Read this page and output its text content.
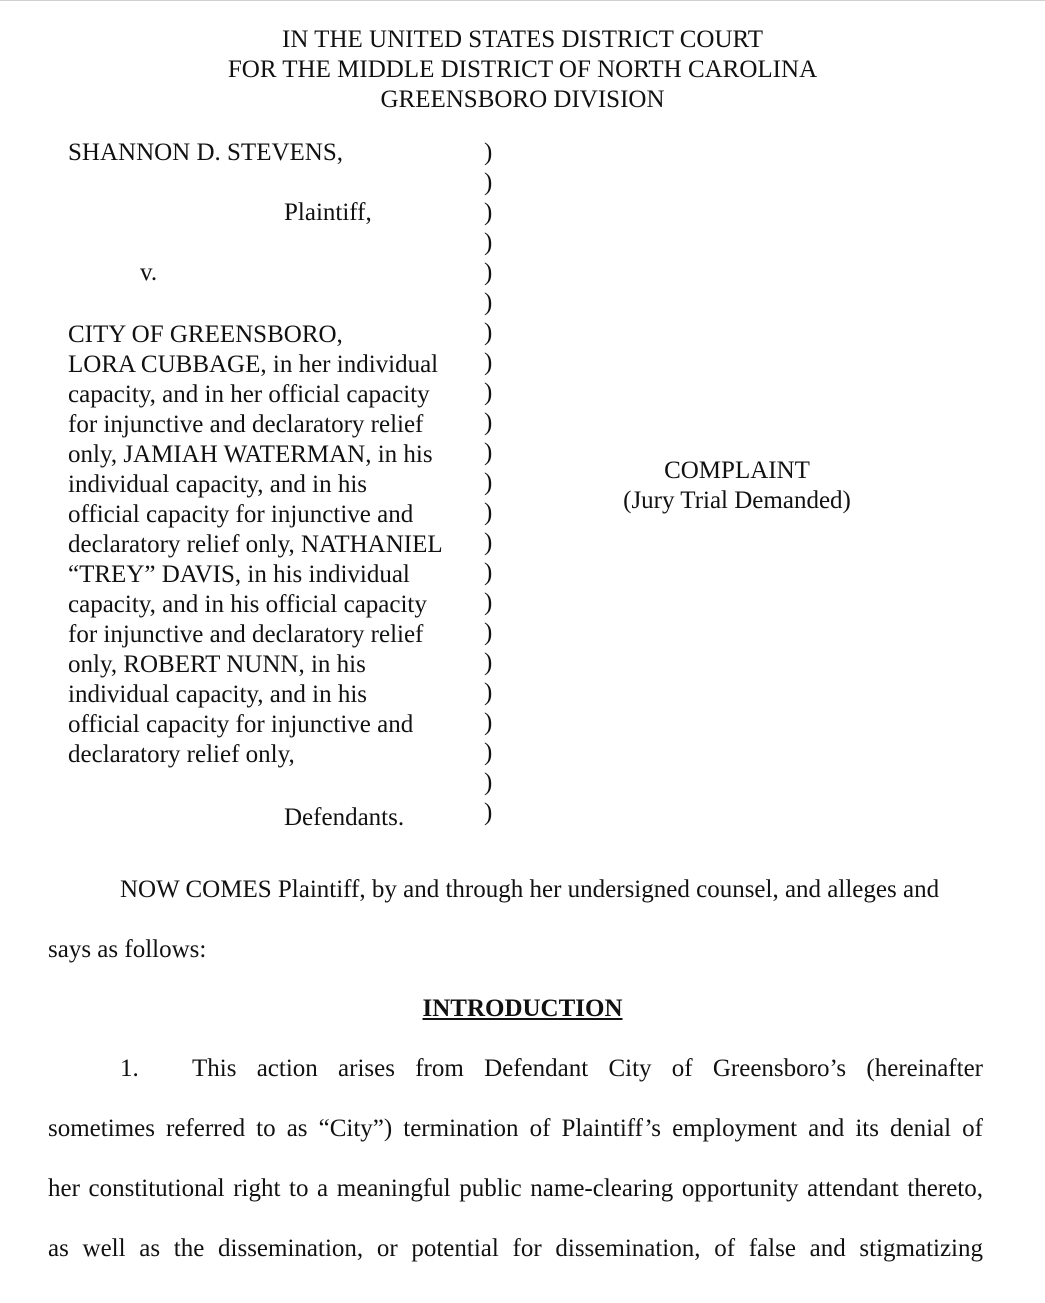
IN THE UNITED STATES DISTRICT COURT
FOR THE MIDDLE DISTRICT OF NORTH CAROLINA
GREENSBORO DIVISION
SHANNON D. STEVENS,
Plaintiff,
v.
CITY OF GREENSBORO,
LORA CUBBAGE, in her individual
capacity, and in her official capacity
for injunctive and declaratory relief
only, JAMIAH WATERMAN, in his
individual capacity, and in his
official capacity for injunctive and
declaratory relief only, NATHANIEL
“TREY” DAVIS, in his individual
capacity, and in his official capacity
for injunctive and declaratory relief
only, ROBERT NUNN, in his
individual capacity, and in his
official capacity for injunctive and
declaratory relief only,
Defendants.
)
)
)
)
)
)
)
)
)
)
)
)
)
)
)
)
)
)
)
)
)
)
)
COMPLAINT
(Jury Trial Demanded)
NOW COMES Plaintiff, by and through her undersigned counsel, and alleges and
says as follows:
INTRODUCTION
1. This action arises from Defendant City of Greensboro’s (hereinafter
sometimes referred to as “City”) termination of Plaintiff’s employment and its denial of
her constitutional right to a meaningful public name-clearing opportunity attendant thereto,
as well as the dissemination, or potential for dissemination, of false and stigmatizing
